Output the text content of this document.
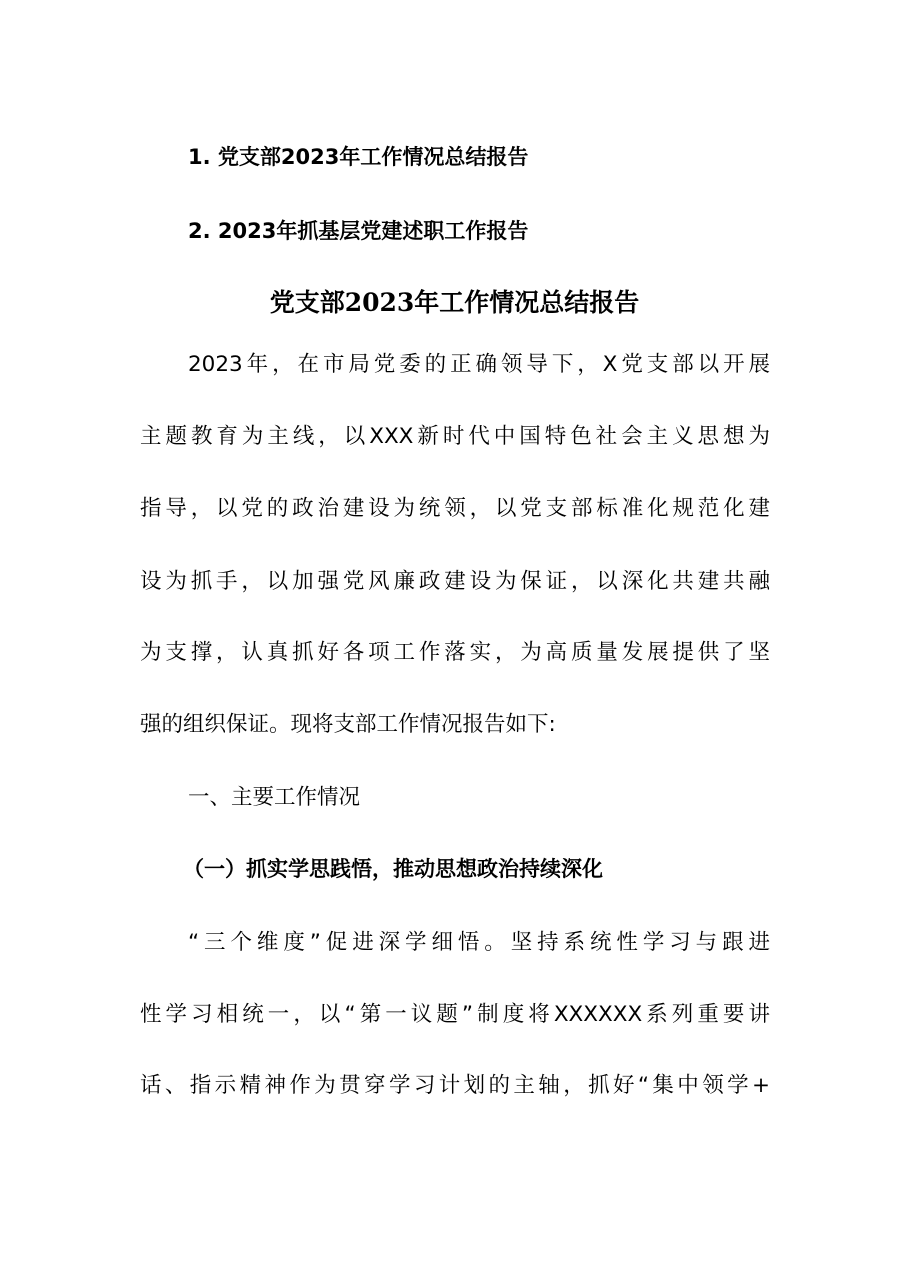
1. 党支部2023年工作情况总结报告
2. 2023年抓基层党建述职工作报告
党支部2023年工作情况总结报告
2023年，在市局党委的正确领导下，X党支部以开展
主题教育为主线，以XXX新时代中国特色社会主义思想为
指导，以党的政治建设为统领，以党支部标准化规范化建
设为抓手，以加强党风廉政建设为保证，以深化共建共融
为支撑，认真抓好各项工作落实，为高质量发展提供了坚
强的组织保证。现将支部工作情况报告如下:
一、主要工作情况
（一）抓实学思践悟，推动思想政治持续深化
“三个维度”促进深学细悟。坚持系统性学习与跟进
性学习相统一，以“第一议题”制度将XXXXXX系列重要讲
话、指示精神作为贯穿学习计划的主轴，抓好“集中领学+
